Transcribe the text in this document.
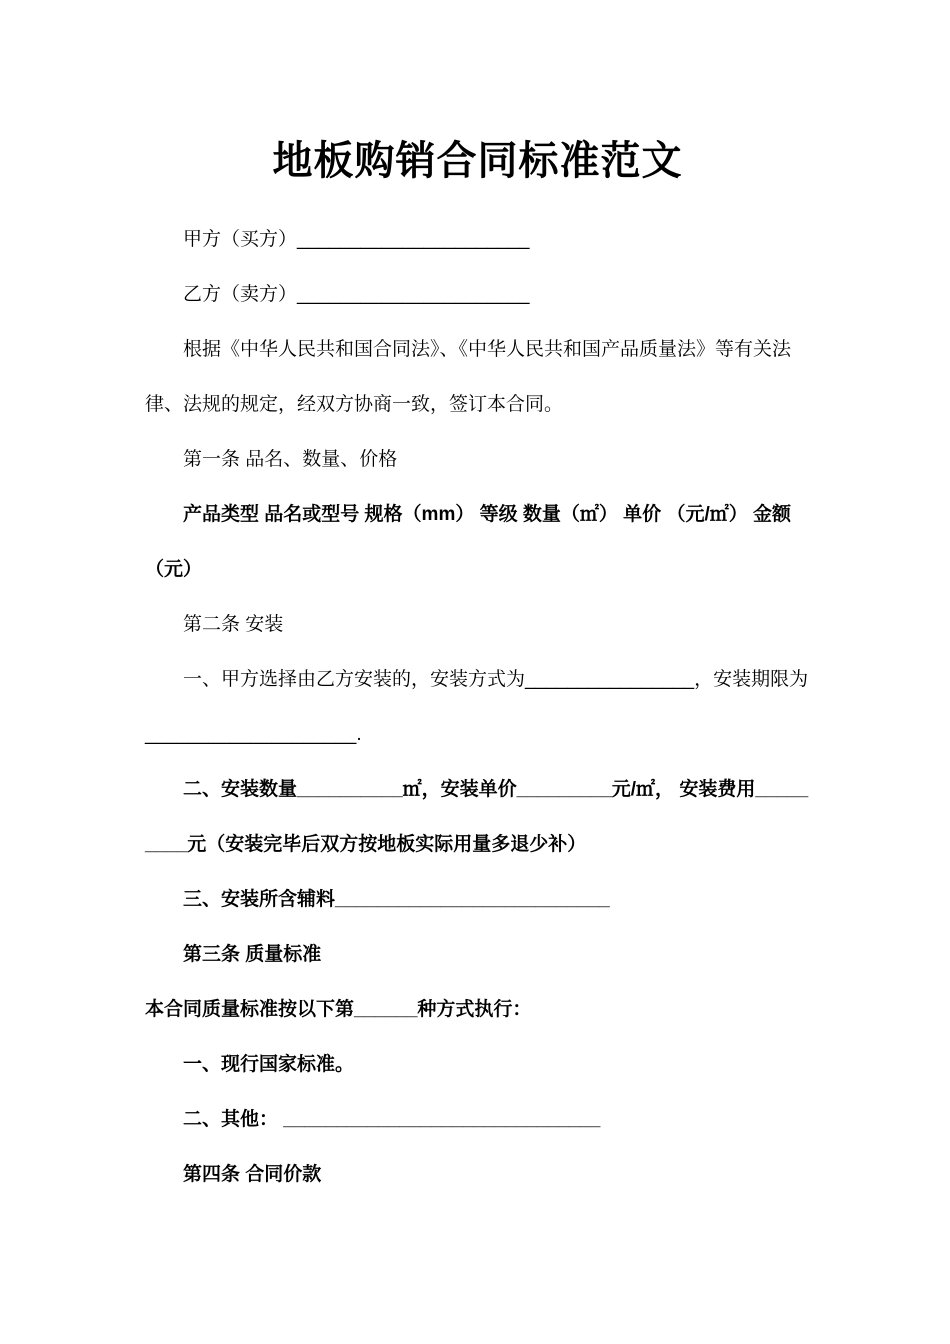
地板购销合同标准范文

甲方（买方）______________________

乙方（卖方）______________________

根据《中华人民共和国合同法》、《中华人民共和国产品质量法》等有关法律、法规的规定，经双方协商一致，签订本合同。

第一条 品名、数量、价格

产品类型 品名或型号 规格（mm） 等级 数量（㎡） 单价 （元/㎡） 金额 （元）

第二条 安装

一、甲方选择由乙方安装的，安装方式为________________，安装期限为____________________.

二、安装数量__________㎡，安装单价_________元/㎡， 安装费用_________元（安装完毕后双方按地板实际用量多退少补）

三、安装所含辅料__________________________

第三条 质量标准

本合同质量标准按以下第______种方式执行：

一、现行国家标准。

二、其他： ______________________________

第四条 合同价款
